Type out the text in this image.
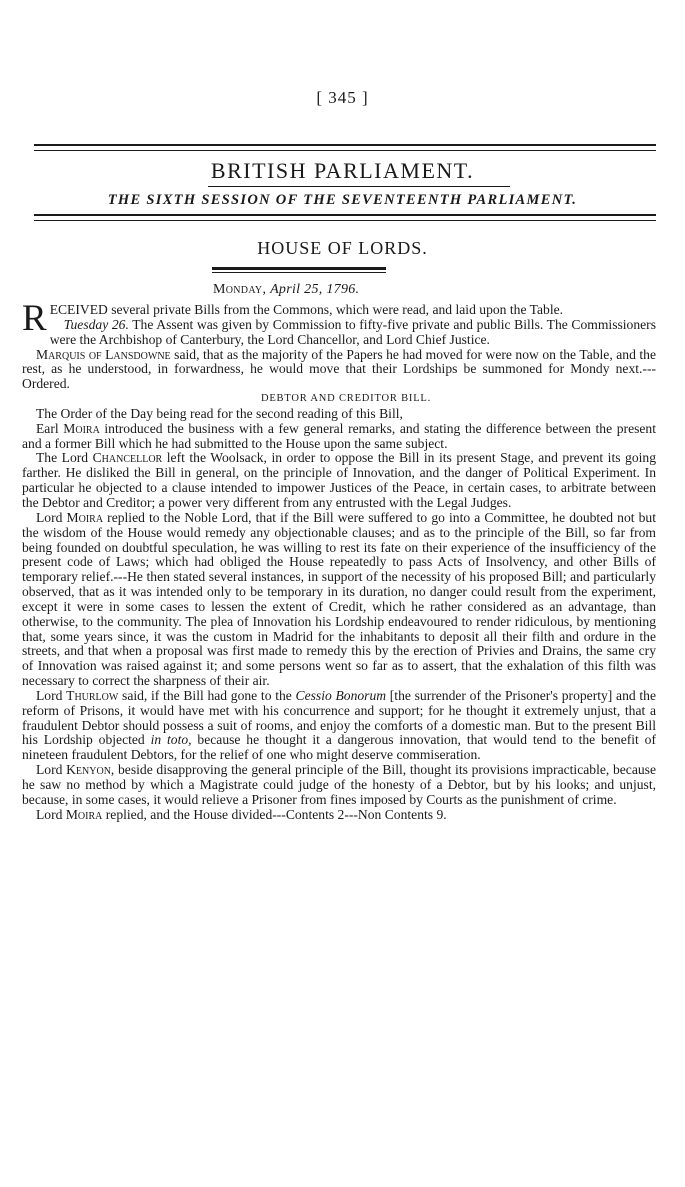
[ 345 ]
BRITISH PARLIAMENT.
THE SIXTH SESSION OF THE SEVENTEENTH PARLIAMENT.
HOUSE OF LORDS.
Monday, April 25, 1796.

RECEIVED several private Bills from the Commons, which were read, and laid upon the Table.

Tuesday 26. The Assent was given by Commission to fifty-five private and public Bills. The Commissioners were the Archbishop of Canterbury, the Lord Chancellor, and Lord Chief Justice.

Marquis of Lansdowne said, that as the majority of the Papers he had moved for were now on the Table, and the rest, as he understood, in forwardness, he would move that their Lordships be summoned for Mondy next.---Ordered.

DEBTOR AND CREDITOR BILL.

The Order of the Day being read for the second reading of this Bill,

Earl Moira introduced the business with a few general remarks, and stating the difference between the present and a former Bill which he had submitted to the House upon the same subject.

The Lord Chancellor left the Woolsack, in order to oppose the Bill in its present Stage, and prevent its going farther. He disliked the Bill in general, on the principle of Innovation, and the danger of Political Experiment. In particular he objected to a clause intended to impower Justices of the Peace, in certain cases, to arbitrate between the Debtor and Creditor; a power very different from any entrusted with the Legal Judges.

Lord Moira replied to the Noble Lord, that if the Bill were suffered to go into a Committee, he doubted not but the wisdom of the House would remedy any objectionable clauses; and as to the principle of the Bill, so far from being founded on doubtful speculation, he was willing to rest its fate on their experience of the insufficiency of the present code of Laws; which had obliged the House repeatedly to pass Acts of Insolvency, and other Bills of temporary relief.---He then stated several instances, in support of the necessity of his proposed Bill; and particularly observed, that as it was intended only to be temporary in its duration, no danger could result from the experiment, except it were in some cases to lessen the extent of Credit, which he rather considered as an advantage, than otherwise, to the community. The plea of Innovation his Lordship endeavoured to render ridiculous, by mentioning that, some years since, it was the custom in Madrid for the inhabitants to deposit all their filth and ordure in the streets, and that when a proposal was first made to remedy this by the erection of Privies and Drains, the same cry of Innovation was raised against it; and some persons went so far as to assert, that the exhalation of this filth was necessary to correct the sharpness of their air.

Lord Thurlow said, if the Bill had gone to the Cessio Bonorum [the surrender of the Prisoner's property] and the reform of Prisons, it would have met with his concurrence and support; for he thought it extremely unjust, that a fraudulent Debtor should possess a suit of rooms, and enjoy the comforts of a domestic man. But to the present Bill his Lordship objected in toto, because he thought it a dangerous innovation, that would tend to the benefit of nineteen fraudulent Debtors, for the relief of one who might deserve commiseration.

Lord Kenyon, beside disapproving the general principle of the Bill, thought its provisions impracticable, because he saw no method by which a Magistrate could judge of the honesty of a Debtor, but by his looks; and unjust, because, in some cases, it would relieve a Prisoner from fines imposed by Courts as the punishment of crime.

Lord Moira replied, and the House divided---Contents 2---Non Contents 9.
